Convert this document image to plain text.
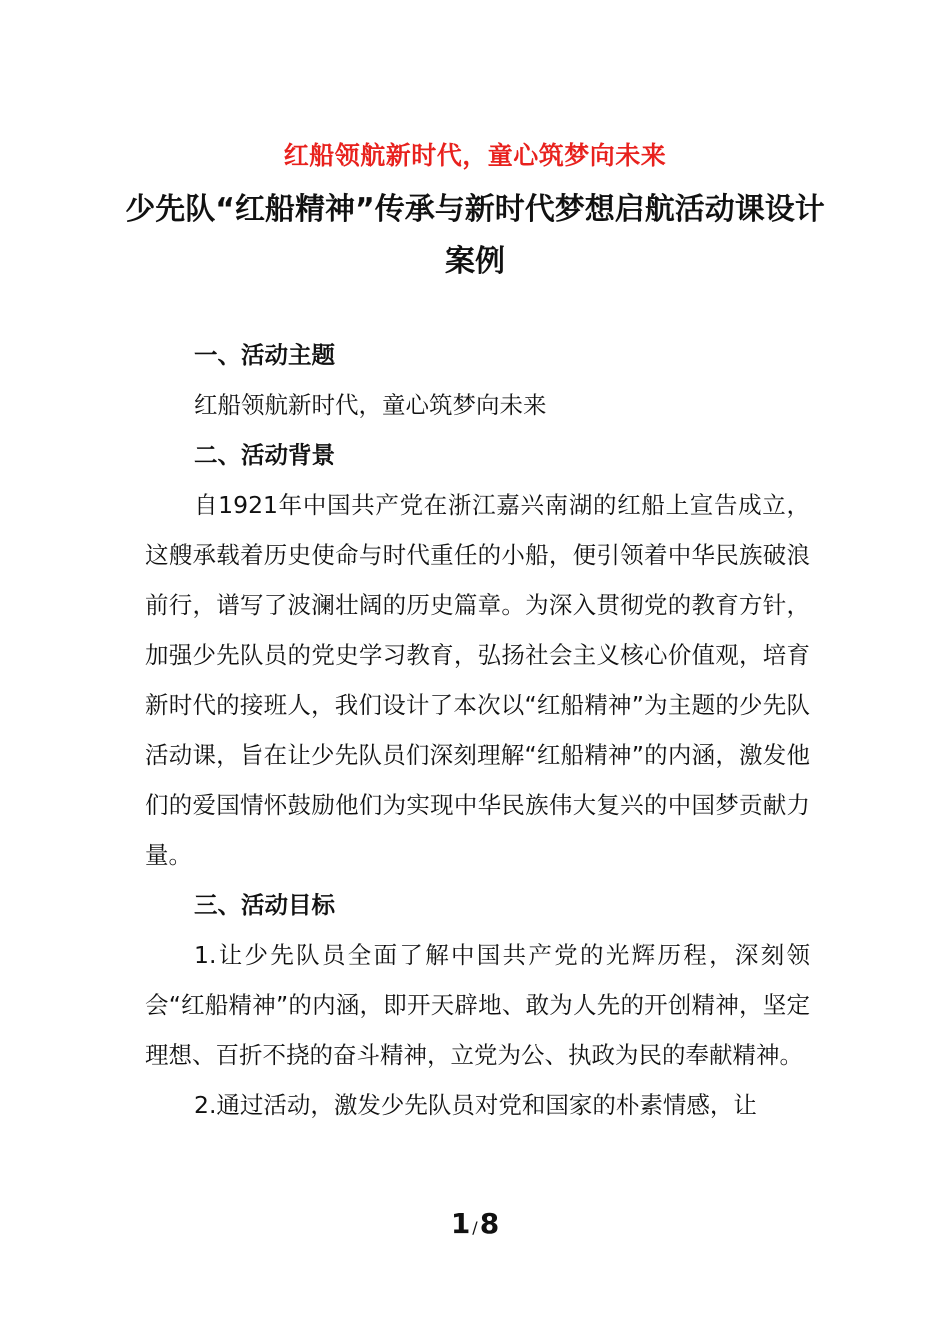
红船领航新时代，童心筑梦向未来
少先队“红船精神”传承与新时代梦想启航活动课设计案例

一、活动主题

红船领航新时代，童心筑梦向未来

二、活动背景

自1921年中国共产党在浙江嘉兴南湖的红船上宣告成立，这艘承载着历史使命与时代重任的小船，便引领着中华民族破浪前行，谱写了波澜壮阔的历史篇章。为深入贯彻党的教育方针，加强少先队员的党史学习教育，弘扬社会主义核心价值观，培育新时代的接班人，我们设计了本次以“红船精神”为主题的少先队活动课，旨在让少先队员们深刻理解“红船精神”的内涵，激发他们的爱国情怀鼓励他们为实现中华民族伟大复兴的中国梦贡献力量。

三、活动目标

1.让少先队员全面了解中国共产党的光辉历程，深刻领会“红船精神”的内涵，即开天辟地、敢为人先的开创精神，坚定理想、百折不挠的奋斗精神，立党为公、执政为民的奉献精神。

2.通过活动，激发少先队员对党和国家的朴素情感，让

1 /8
